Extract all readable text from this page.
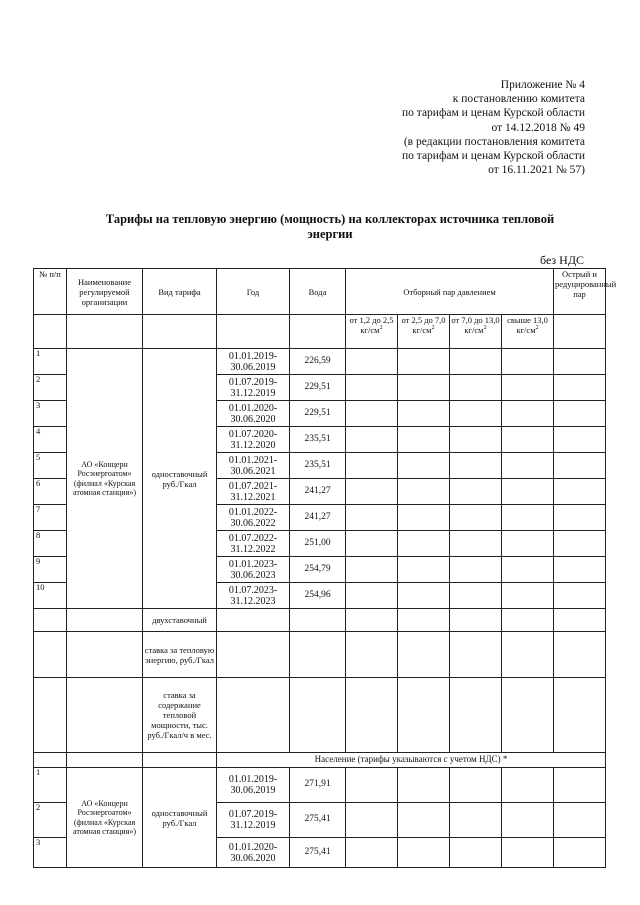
Приложение № 4
к постановлению комитета
по тарифам и ценам Курской области
от 14.12.2018 № 49
(в редакции постановления комитета
по тарифам и ценам Курской области
от 16.11.2021 № 57)
Тарифы на тепловую энергию (мощность) на коллекторах источника тепловой энергии
без НДС
№ п/п	Наименование регулируемой организации	Вид тарифа	Год	Вода	Отборный пар давлением				Острый и редуцированный пар
					от 1,2 до 2,5 $кг/см^2$	от 2,5 до 7,0 $кг/см^2$	от 7,0 до 13,0 $кг/см^2$	свыше 13,0 $кг/см^2$	
1	АО «Концерн Росэнергоатом» (филиал «Курская атомная станция»)	одноставочный руб./Гкал	01.01.2019-30.06.2019	226,59					
2			01.07.2019-31.12.2019	229,51					
3			01.01.2020-30.06.2020	229,51					
4			01.07.2020-31.12.2020	235,51					
5			01.01.2021-30.06.2021	235,51					
6			01.07.2021-31.12.2021	241,27					
7			01.01.2022-30.06.2022	241,27					
8			01.07.2022-31.12.2022	251,00					
9			01.01.2023-30.06.2023	254,79					
10			01.07.2023-31.12.2023	254,96					
		двухставочный							
		ставка за тепловую энергию, руб./Гкал							
		ставка за содержание тепловой мощности, тыс. руб./Гкал/ч в мес.							
			Население (тарифы указываются с учетом НДС) *						
1	АО «Концерн Росэнергоатом» (филиал «Курская атомная станция»)	одноставочный руб./Гкал	01.01.2019-30.06.2019	271,91					
2			01.07.2019-31.12.2019	275,41					
3			01.01.2020-30.06.2020	275,41					
